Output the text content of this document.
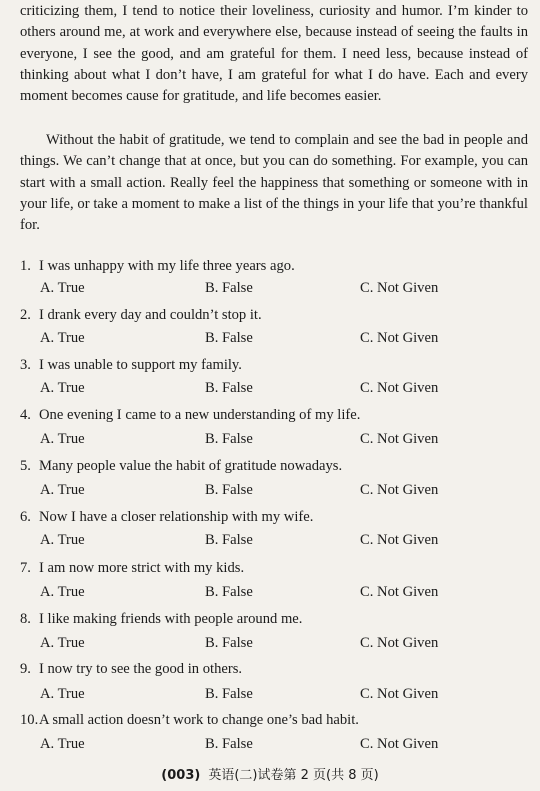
criticizing them, I tend to notice their loveliness, curiosity and humor. I’m kinder to others around me, at work and everywhere else, because instead of seeing the faults in everyone, I see the good, and am grateful for them. I need less, because instead of thinking about what I don’t have, I am grateful for what I do have. Each and every moment becomes cause for gratitude, and life becomes easier.

Without the habit of gratitude, we tend to complain and see the bad in people and things. We can’t change that at once, but you can do something. For example, you can start with a small action. Really feel the happiness that something or someone with in your life, or take a moment to make a list of the things in your life that you’re thankful for.

1. I was unhappy with my life three years ago.
A. True	B. False	C. Not Given
2. I drank every day and couldn’t stop it.
A. True	B. False	C. Not Given
3. I was unable to support my family.
A. True	B. False	C. Not Given
4. One evening I came to a new understanding of my life.
A. True	B. False	C. Not Given
5. Many people value the habit of gratitude nowadays.
A. True	B. False	C. Not Given
6. Now I have a closer relationship with my wife.
A. True	B. False	C. Not Given
7. I am now more strict with my kids.
A. True	B. False	C. Not Given
8. I like making friends with people around me.
A. True	B. False	C. Not Given
9. I now try to see the good in others.
A. True	B. False	C. Not Given
10.A small action doesn’t work to change one’s bad habit.
A. True	B. False	C. Not Given
(003) 英语(二)试卷第 2 页(共 8 页)
